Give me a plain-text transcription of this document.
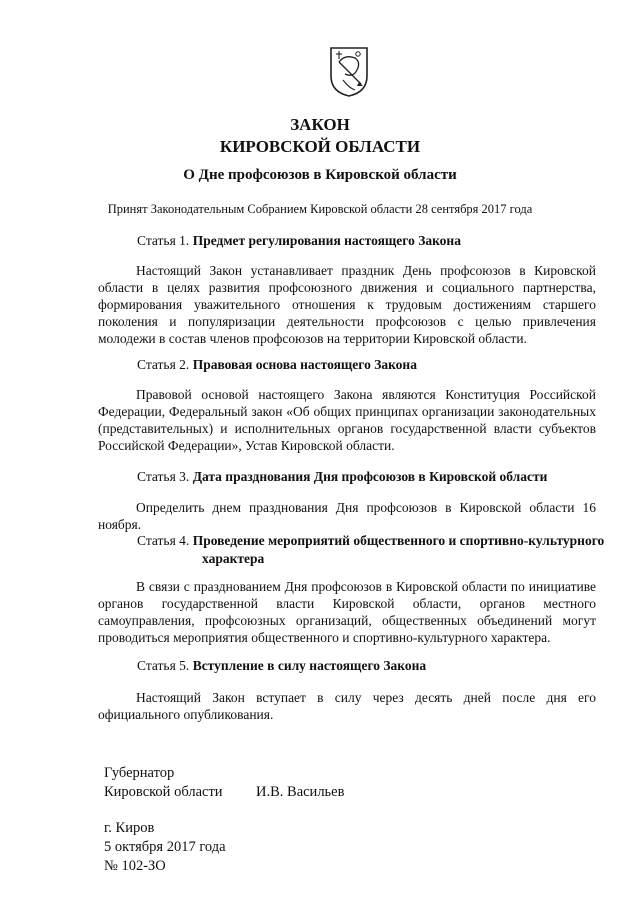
ЗАКОН
КИРОВСКОЙ ОБЛАСТИ
О Дне профсоюзов в Кировской области
Принят Законодательным Собранием Кировской области 28 сентября 2017 года
Статья 1. Предмет регулирования настоящего Закона
Настоящий Закон устанавливает праздник День профсоюзов в Кировской области в целях развития профсоюзного движения и социального партнерства, формирования уважительного отношения к трудовым достижениям старшего поколения и популяризации деятельности профсоюзов с целью привлечения молодежи в состав членов профсоюзов на территории Кировской области.
Статья 2. Правовая основа настоящего Закона
Правовой основой настоящего Закона являются Конституция Российской Федерации, Федеральный закон «Об общих принципах организации законодательных (представительных) и исполнительных органов государственной власти субъектов Российской Федерации», Устав Кировской области.
Статья 3. Дата празднования Дня профсоюзов в Кировской области
Определить днем празднования Дня профсоюзов в Кировской области 16 ноября.
Статья 4. Проведение мероприятий общественного и спортивно-культурного
характера
В связи с празднованием Дня профсоюзов в Кировской области по инициативе органов государственной власти Кировской области, органов местного самоуправления, профсоюзных организаций, общественных объединений могут проводиться мероприятия общественного и спортивно-культурного характера.
Статья 5. Вступление в силу настоящего Закона
Настоящий Закон вступает в силу через десять дней после дня его официального опубликования.
Губернатор
Кировской области И.В. Васильев
г. Киров
5 октября 2017 года
№ 102-ЗО
